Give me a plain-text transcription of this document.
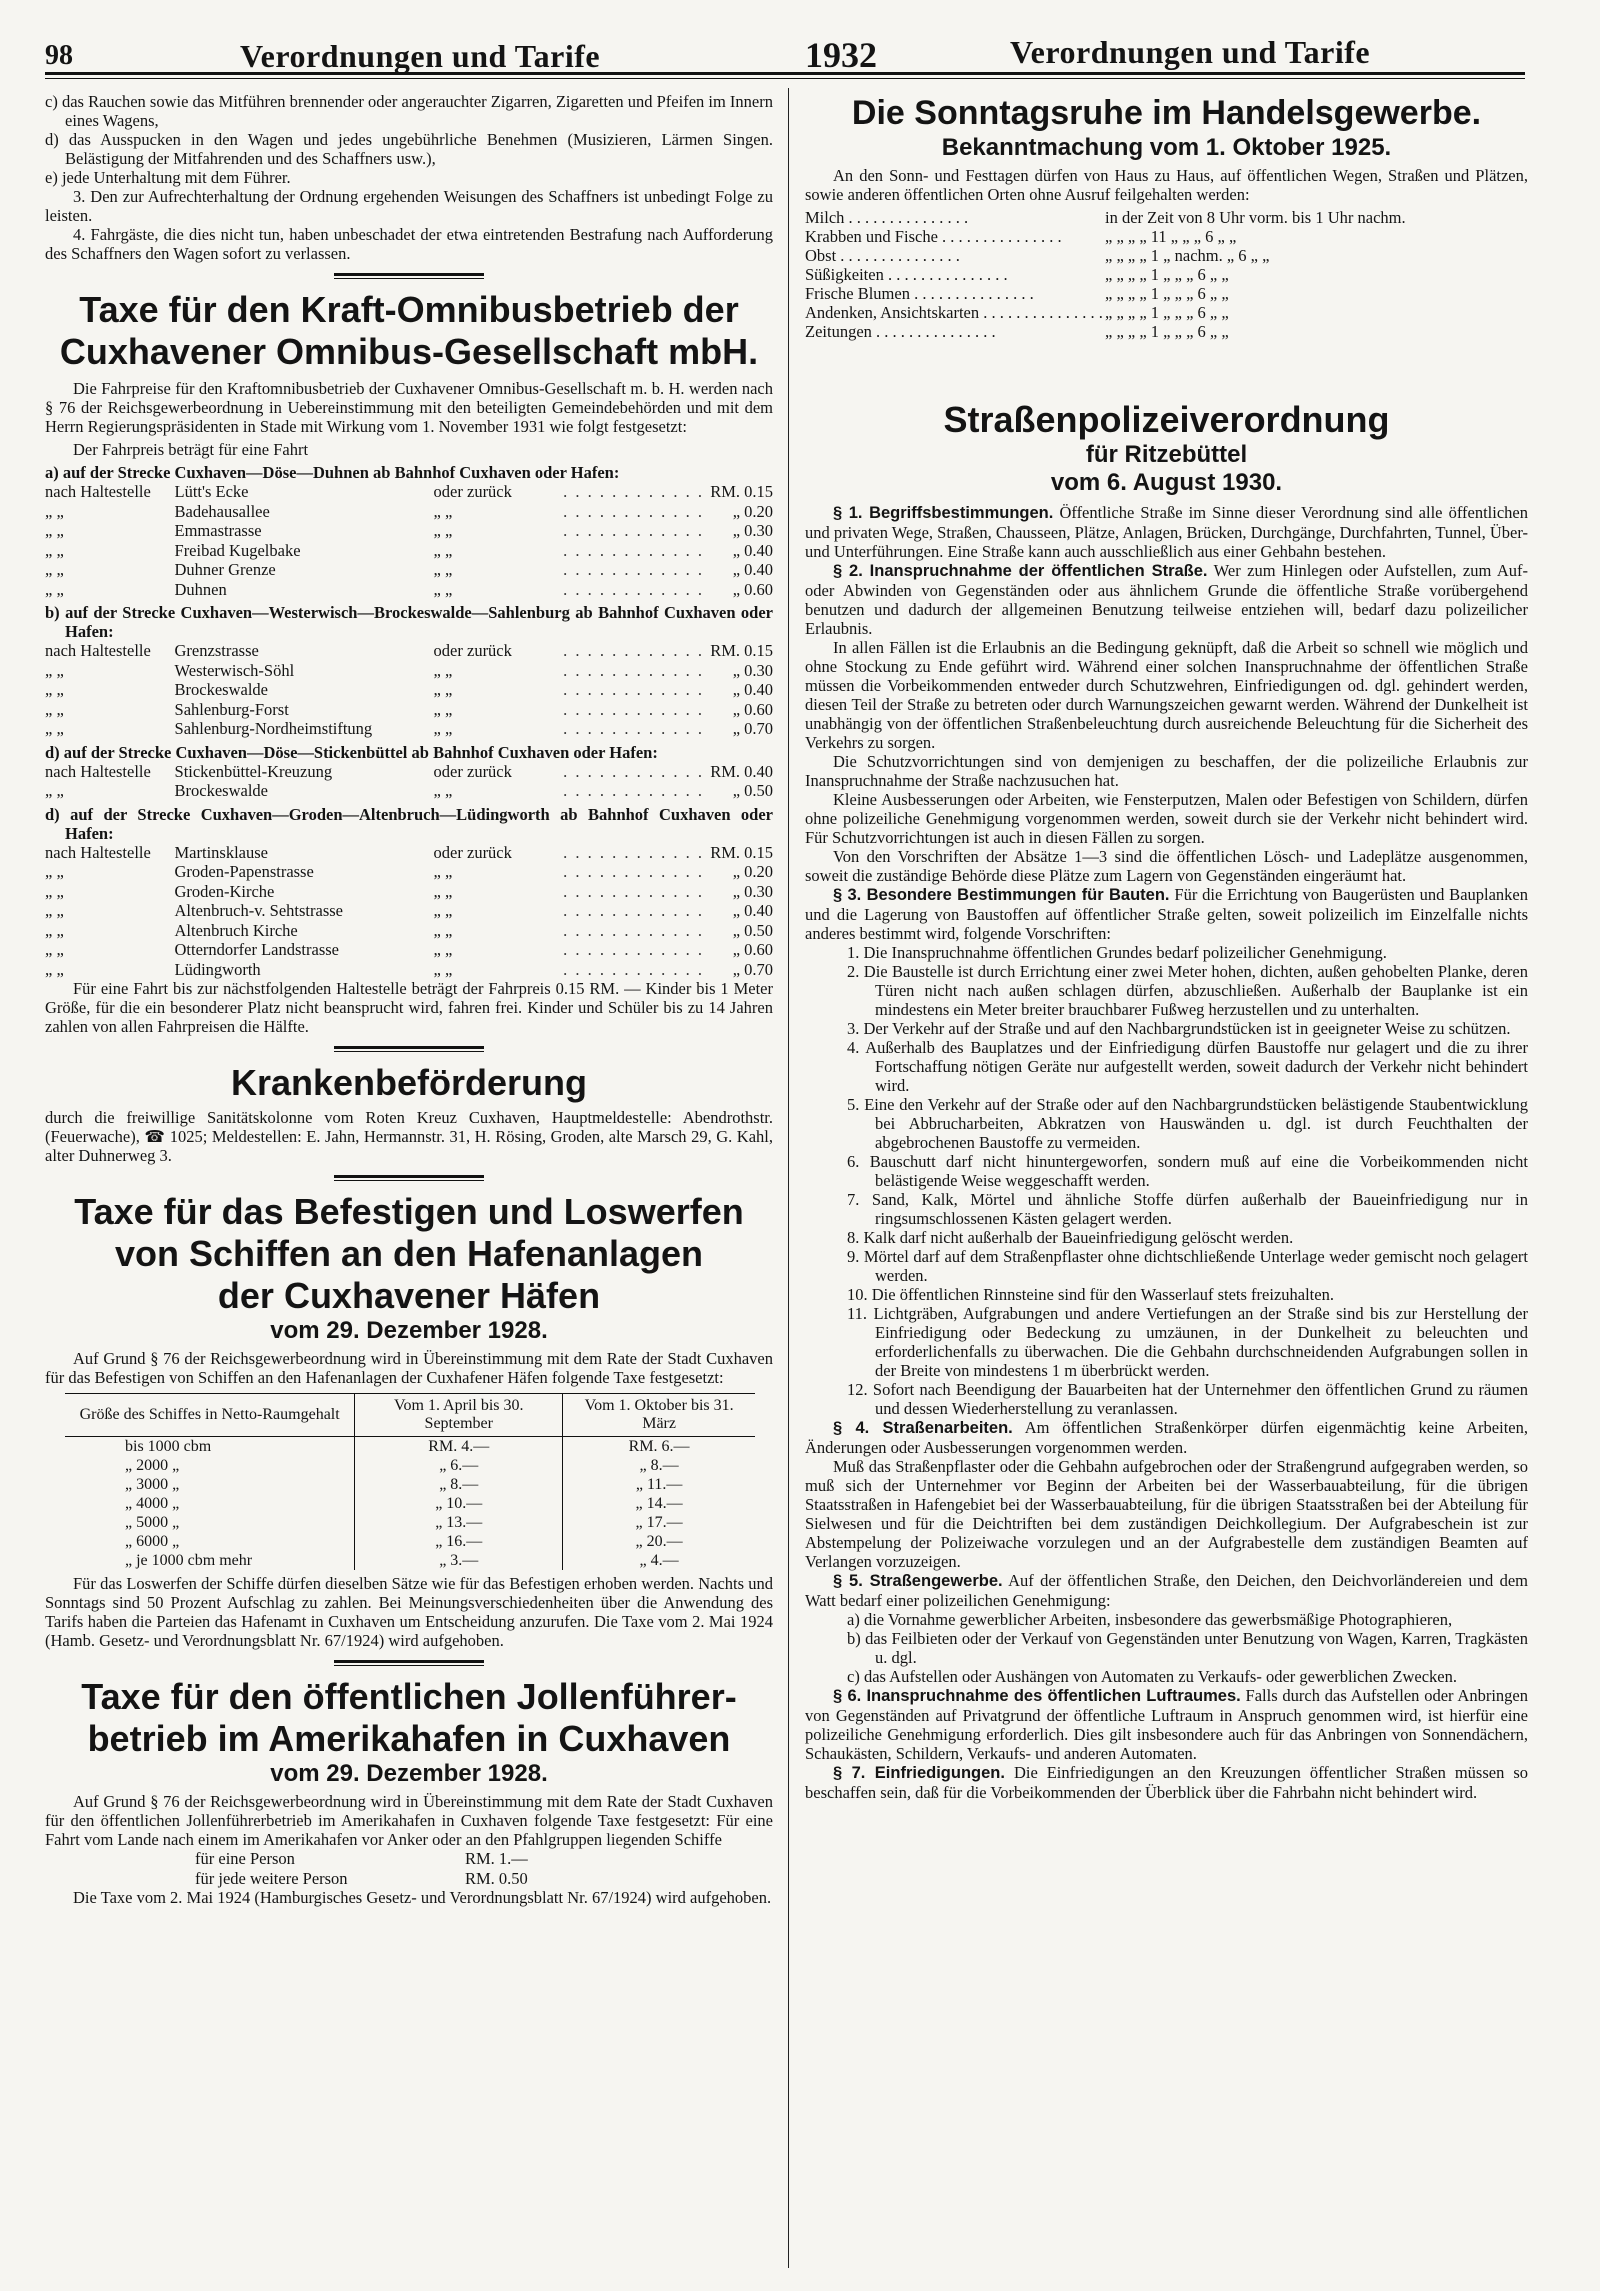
98	Verordnungen und Tarife	1932	Verordnungen und Tarife

c) das Rauchen sowie das Mitführen brennender oder angerauchter Zigarren, Zigaretten und Pfeifen im Innern eines Wagens,

d) das Ausspucken in den Wagen und jedes ungebührliche Benehmen (Musizieren, Lärmen Singen. Belästigung der Mitfahrenden und des Schaffners usw.),

e) jede Unterhaltung mit dem Führer.

3. Den zur Aufrechterhaltung der Ordnung ergehenden Weisungen des Schaffners ist unbedingt Folge zu leisten.

4. Fahrgäste, die dies nicht tun, haben unbeschadet der etwa eintretenden Bestrafung nach Aufforderung des Schaffners den Wagen sofort zu verlassen.

Taxe für den Kraft-Omnibusbetrieb der
Cuxhavener Omnibus-Gesellschaft mbH.

Die Fahrpreise für den Kraftomnibusbetrieb der Cuxhavener Omnibus-Gesellschaft m. b. H. werden nach § 76 der Reichsgewerbeordnung in Uebereinstimmung mit den beteiligten Gemeindebehörden und mit dem Herrn Regierungspräsidenten in Stade mit Wirkung vom 1. November 1931 wie folgt festgesetzt:

Der Fahrpreis beträgt für eine Fahrt

a) auf der Strecke Cuxhaven—Döse—Duhnen ab Bahnhof Cuxhaven oder Hafen:

nach Haltestelle	Lütt's Ecke	oder zurück	. . . . . . . . . . . . RM. 0.15
„ „	Badehausallee	„ „	. . . . . . . . . . . .	„ 0.20
„ „	Emmastrasse	„ „	. . . . . . . . . . . .	„ 0.30
„ „	Freibad Kugelbake	„ „	. . . . . . . . . . . .	„ 0.40
„ „	Duhner Grenze	„ „	. . . . . . . . . . . .	„ 0.40
„ „	Duhnen	„ „	. . . . . . . . . . . .	„ 0.60

b) auf der Strecke Cuxhaven—Westerwisch—Brockeswalde—Sahlenburg ab Bahnhof Cuxhaven oder Hafen:

nach Haltestelle	Grenzstrasse	oder zurück	. . . . . . . . . . . . RM. 0.15
„ „	Westerwisch-Söhl	„ „	. . . . . . . . . . . .	„ 0.30
„ „	Brockeswalde	„ „	. . . . . . . . . . . .	„ 0.40
„ „	Sahlenburg-Forst	„ „	. . . . . . . . . . . .	„ 0.60
„ „	Sahlenburg-Nordheimstiftung	„ „	. . . . . . . . . . . .	„ 0.70

d) auf der Strecke Cuxhaven—Döse—Stickenbüttel ab Bahnhof Cuxhaven oder Hafen:

nach Haltestelle	Stickenbüttel-Kreuzung	oder zurück	. . . . . . . . . . . . RM. 0.40
„ „	Brockeswalde	„ „	. . . . . . . . . . . .	„ 0.50

d) auf der Strecke Cuxhaven—Groden—Altenbruch—Lüdingworth ab Bahnhof Cuxhaven oder Hafen:

nach Haltestelle	Martinsklause	oder zurück	. . . . . . . . . . . . RM. 0.15
„ „	Groden-Papenstrasse	„ „	. . . . . . . . . . . .	„ 0.20
„ „	Groden-Kirche	„ „	. . . . . . . . . . . .	„ 0.30
„ „	Altenbruch-v. Sehtstrasse	„ „	. . . . . . . . . . . .	„ 0.40
„ „	Altenbruch Kirche	„ „	. . . . . . . . . . . .	„ 0.50
„ „	Otterndorfer Landstrasse	„ „	. . . . . . . . . . . .	„ 0.60
„ „	Lüdingworth	„ „	. . . . . . . . . . . .	„ 0.70

Für eine Fahrt bis zur nächstfolgenden Haltestelle beträgt der Fahrpreis 0.15 RM. — Kinder bis 1 Meter Größe, für die ein besonderer Platz nicht beansprucht wird, fahren frei. Kinder und Schüler bis zu 14 Jahren zahlen von allen Fahrpreisen die Hälfte.

Krankenbeförderung

durch die freiwillige Sanitätskolonne vom Roten Kreuz Cuxhaven, Hauptmeldestelle: Abendrothstr. (Feuerwache), ☎ 1025; Meldestellen: E. Jahn, Hermannstr. 31, H. Rösing, Groden, alte Marsch 29, G. Kahl, alter Duhnerweg 3.

Taxe für das Befestigen und Loswerfen
von Schiffen an den Hafenanlagen
der Cuxhavener Häfen
vom 29. Dezember 1928.

Auf Grund § 76 der Reichsgewerbeordnung wird in Übereinstimmung mit dem Rate der Stadt Cuxhaven für das Befestigen von Schiffen an den Hafenanlagen der Cuxhafener Häfen folgende Taxe festgesetzt:

Größe des Schiffes in Netto-Raumgehalt	Vom 1. April bis 30. September	Vom 1. Oktober bis 31. März
bis 1000 cbm	RM. 4.—	RM. 6.—
„ 2000 „	„ 6.—	„ 8.—
„ 3000 „	„ 8.—	„ 11.—
„ 4000 „	„ 10.—	„ 14.—
„ 5000 „	„ 13.—	„ 17.—
„ 6000 „	„ 16.—	„ 20.—
„ je 1000 cbm mehr	„ 3.—	„ 4.—

Für das Loswerfen der Schiffe dürfen dieselben Sätze wie für das Befestigen erhoben werden. Nachts und Sonntags sind 50 Prozent Aufschlag zu zahlen. Bei Meinungsverschiedenheiten über die Anwendung des Tarifs haben die Parteien das Hafenamt in Cuxhaven um Entscheidung anzurufen. Die Taxe vom 2. Mai 1924 (Hamb. Gesetz- und Verordnungsblatt Nr. 67/1924) wird aufgehoben.

Taxe für den öffentlichen Jollenführer-
betrieb im Amerikahafen in Cuxhaven
vom 29. Dezember 1928.

Auf Grund § 76 der Reichsgewerbeordnung wird in Übereinstimmung mit dem Rate der Stadt Cuxhaven für den öffentlichen Jollenführerbetrieb im Amerikahafen in Cuxhaven folgende Taxe festgesetzt: Für eine Fahrt vom Lande nach einem im Amerikahafen vor Anker oder an den Pfahlgruppen liegenden Schiffe

für eine Person	RM. 1.—
für jede weitere Person	RM. 0.50

Die Taxe vom 2. Mai 1924 (Hamburgisches Gesetz- und Verordnungsblatt Nr. 67/1924) wird aufgehoben.

Die Sonntagsruhe im Handelsgewerbe.
Bekanntmachung vom 1. Oktober 1925.

An den Sonn- und Festtagen dürfen von Haus zu Haus, auf öffentlichen Wegen, Straßen und Plätzen, sowie anderen öffentlichen Orten ohne Ausruf feilgehalten werden:

Milch . . . . . . . . . . . . . . .	in der Zeit von 8 Uhr vorm. bis 1 Uhr nachm.
Krabben und Fische . . . . . . . . . . . . . . .	„ „ „ „ 11 „ „ „ 6 „ „
Obst . . . . . . . . . . . . . . .	„ „ „ „ 1 „ nachm. „ 6 „ „
Süßigkeiten . . . . . . . . . . . . . . .	„ „ „ „ 1 „ „ „ 6 „ „
Frische Blumen . . . . . . . . . . . . . . .	„ „ „ „ 1 „ „ „ 6 „ „
Andenken, Ansichtskarten . . . . . . . . . . . . . . . „ „ „ „ 1 „ „ „ 6 „ „
Zeitungen . . . . . . . . . . . . . . .	„ „ „ „ 1 „ „ „ 6 „ „
Straßenpolizeiverordnung
für Ritzebüttel
vom 6. August 1930.

§ 1. Begriffsbestimmungen. Öffentliche Straße im Sinne dieser Verordnung sind alle öffentlichen und privaten Wege, Straßen, Chausseen, Plätze, Anlagen, Brücken, Durchgänge, Durchfahrten, Tunnel, Über- und Unterführungen. Eine Straße kann auch ausschließlich aus einer Gehbahn bestehen.

§ 2. Inanspruchnahme der öffentlichen Straße. Wer zum Hinlegen oder Aufstellen, zum Auf- oder Abwinden von Gegenständen oder aus ähnlichem Grunde die öffentliche Straße vorübergehend benutzen und dadurch der allgemeinen Benutzung teilweise entziehen will, bedarf dazu polizeilicher Erlaubnis.

In allen Fällen ist die Erlaubnis an die Bedingung geknüpft, daß die Arbeit so schnell wie möglich und ohne Stockung zu Ende geführt wird. Während einer solchen Inanspruchnahme der öffentlichen Straße müssen die Vorbeikommenden entweder durch Schutzwehren, Einfriedigungen od. dgl. gehindert werden, diesen Teil der Straße zu betreten oder durch Warnungszeichen gewarnt werden. Während der Dunkelheit ist unabhängig von der öffentlichen Straßenbeleuchtung durch ausreichende Beleuchtung für die Sicherheit des Verkehrs zu sorgen.

Die Schutzvorrichtungen sind von demjenigen zu beschaffen, der die polizeiliche Erlaubnis zur Inanspruchnahme der Straße nachzusuchen hat.

Kleine Ausbesserungen oder Arbeiten, wie Fensterputzen, Malen oder Befestigen von Schildern, dürfen ohne polizeiliche Genehmigung vorgenommen werden, soweit durch sie der Verkehr nicht behindert wird. Für Schutzvorrichtungen ist auch in diesen Fällen zu sorgen.

Von den Vorschriften der Absätze 1—3 sind die öffentlichen Lösch- und Ladeplätze ausgenommen, soweit die zuständige Behörde diese Plätze zum Lagern von Gegenständen eingeräumt hat.

§ 3. Besondere Bestimmungen für Bauten. Für die Errichtung von Baugerüsten und Bauplanken und die Lagerung von Baustoffen auf öffentlicher Straße gelten, soweit polizeilich im Einzelfalle nichts anderes bestimmt wird, folgende Vorschriften:

1. Die Inanspruchnahme öffentlichen Grundes bedarf polizeilicher Genehmigung.
2. Die Baustelle ist durch Errichtung einer zwei Meter hohen, dichten, außen gehobelten Planke, deren Türen nicht nach außen schlagen dürfen, abzuschließen. Außerhalb der Bauplanke ist ein mindestens ein Meter breiter brauchbarer Fußweg herzustellen und zu unterhalten.
3. Der Verkehr auf der Straße und auf den Nachbargrundstücken ist in geeigneter Weise zu schützen.
4. Außerhalb des Bauplatzes und der Einfriedigung dürfen Baustoffe nur gelagert und die zu ihrer Fortschaffung nötigen Geräte nur aufgestellt werden, soweit dadurch der Verkehr nicht behindert wird.
5. Eine den Verkehr auf der Straße oder auf den Nachbargrundstücken belästigende Staubentwicklung bei Abbrucharbeiten, Abkratzen von Hauswänden u. dgl. ist durch Feuchthalten der abgebrochenen Baustoffe zu vermeiden.
6. Bauschutt darf nicht hinuntergeworfen, sondern muß auf eine die Vorbeikommenden nicht belästigende Weise weggeschafft werden.
7. Sand, Kalk, Mörtel und ähnliche Stoffe dürfen außerhalb der Baueinfriedigung nur in ringsumschlossenen Kästen gelagert werden.
8. Kalk darf nicht außerhalb der Baueinfriedigung gelöscht werden.
9. Mörtel darf auf dem Straßenpflaster ohne dichtschließende Unterlage weder gemischt noch gelagert werden.
10. Die öffentlichen Rinnsteine sind für den Wasserlauf stets freizuhalten.
11. Lichtgräben, Aufgrabungen und andere Vertiefungen an der Straße sind bis zur Herstellung der Einfriedigung oder Bedeckung zu umzäunen, in der Dunkelheit zu beleuchten und erforderlichenfalls zu überwachen. Die die Gehbahn durchschneidenden Aufgrabungen sollen in der Breite von mindestens 1 m überbrückt werden.
12. Sofort nach Beendigung der Bauarbeiten hat der Unternehmer den öffentlichen Grund zu räumen und dessen Wiederherstellung zu veranlassen.

§ 4. Straßenarbeiten. Am öffentlichen Straßenkörper dürfen eigenmächtig keine Arbeiten, Änderungen oder Ausbesserungen vorgenommen werden.

Muß das Straßenpflaster oder die Gehbahn aufgebrochen oder der Straßengrund aufgegraben werden, so muß sich der Unternehmer vor Beginn der Arbeiten bei der Wasserbauabteilung, für die übrigen Staatsstraßen in Hafengebiet bei der Wasserbauabteilung, für die übrigen Staatsstraßen bei der Abteilung für Sielwesen und für die Deichtriften bei dem zuständigen Deichkollegium. Der Aufgrabeschein ist zur Abstempelung der Polizeiwache vorzulegen und an der Aufgrabestelle dem zuständigen Beamten auf Verlangen vorzuzeigen.

§ 5. Straßengewerbe. Auf der öffentlichen Straße, den Deichen, den Deichvorländereien und dem Watt bedarf einer polizeilichen Genehmigung:

a) die Vornahme gewerblicher Arbeiten, insbesondere das gewerbsmäßige Photographieren,
b) das Feilbieten oder der Verkauf von Gegenständen unter Benutzung von Wagen, Karren, Tragkästen u. dgl.
c) das Aufstellen oder Aushängen von Automaten zu Verkaufs- oder gewerblichen Zwecken.

§ 6. Inanspruchnahme des öffentlichen Luftraumes. Falls durch das Aufstellen oder Anbringen von Gegenständen auf Privatgrund der öffentliche Luftraum in Anspruch genommen wird, ist hierfür eine polizeiliche Genehmigung erforderlich. Dies gilt insbesondere auch für das Anbringen von Sonnendächern, Schaukästen, Schildern, Verkaufs- und anderen Automaten.

§ 7. Einfriedigungen. Die Einfriedigungen an den Kreuzungen öffentlicher Straßen müssen so beschaffen sein, daß für die Vorbeikommenden der Überblick über die Fahrbahn nicht behindert wird.
